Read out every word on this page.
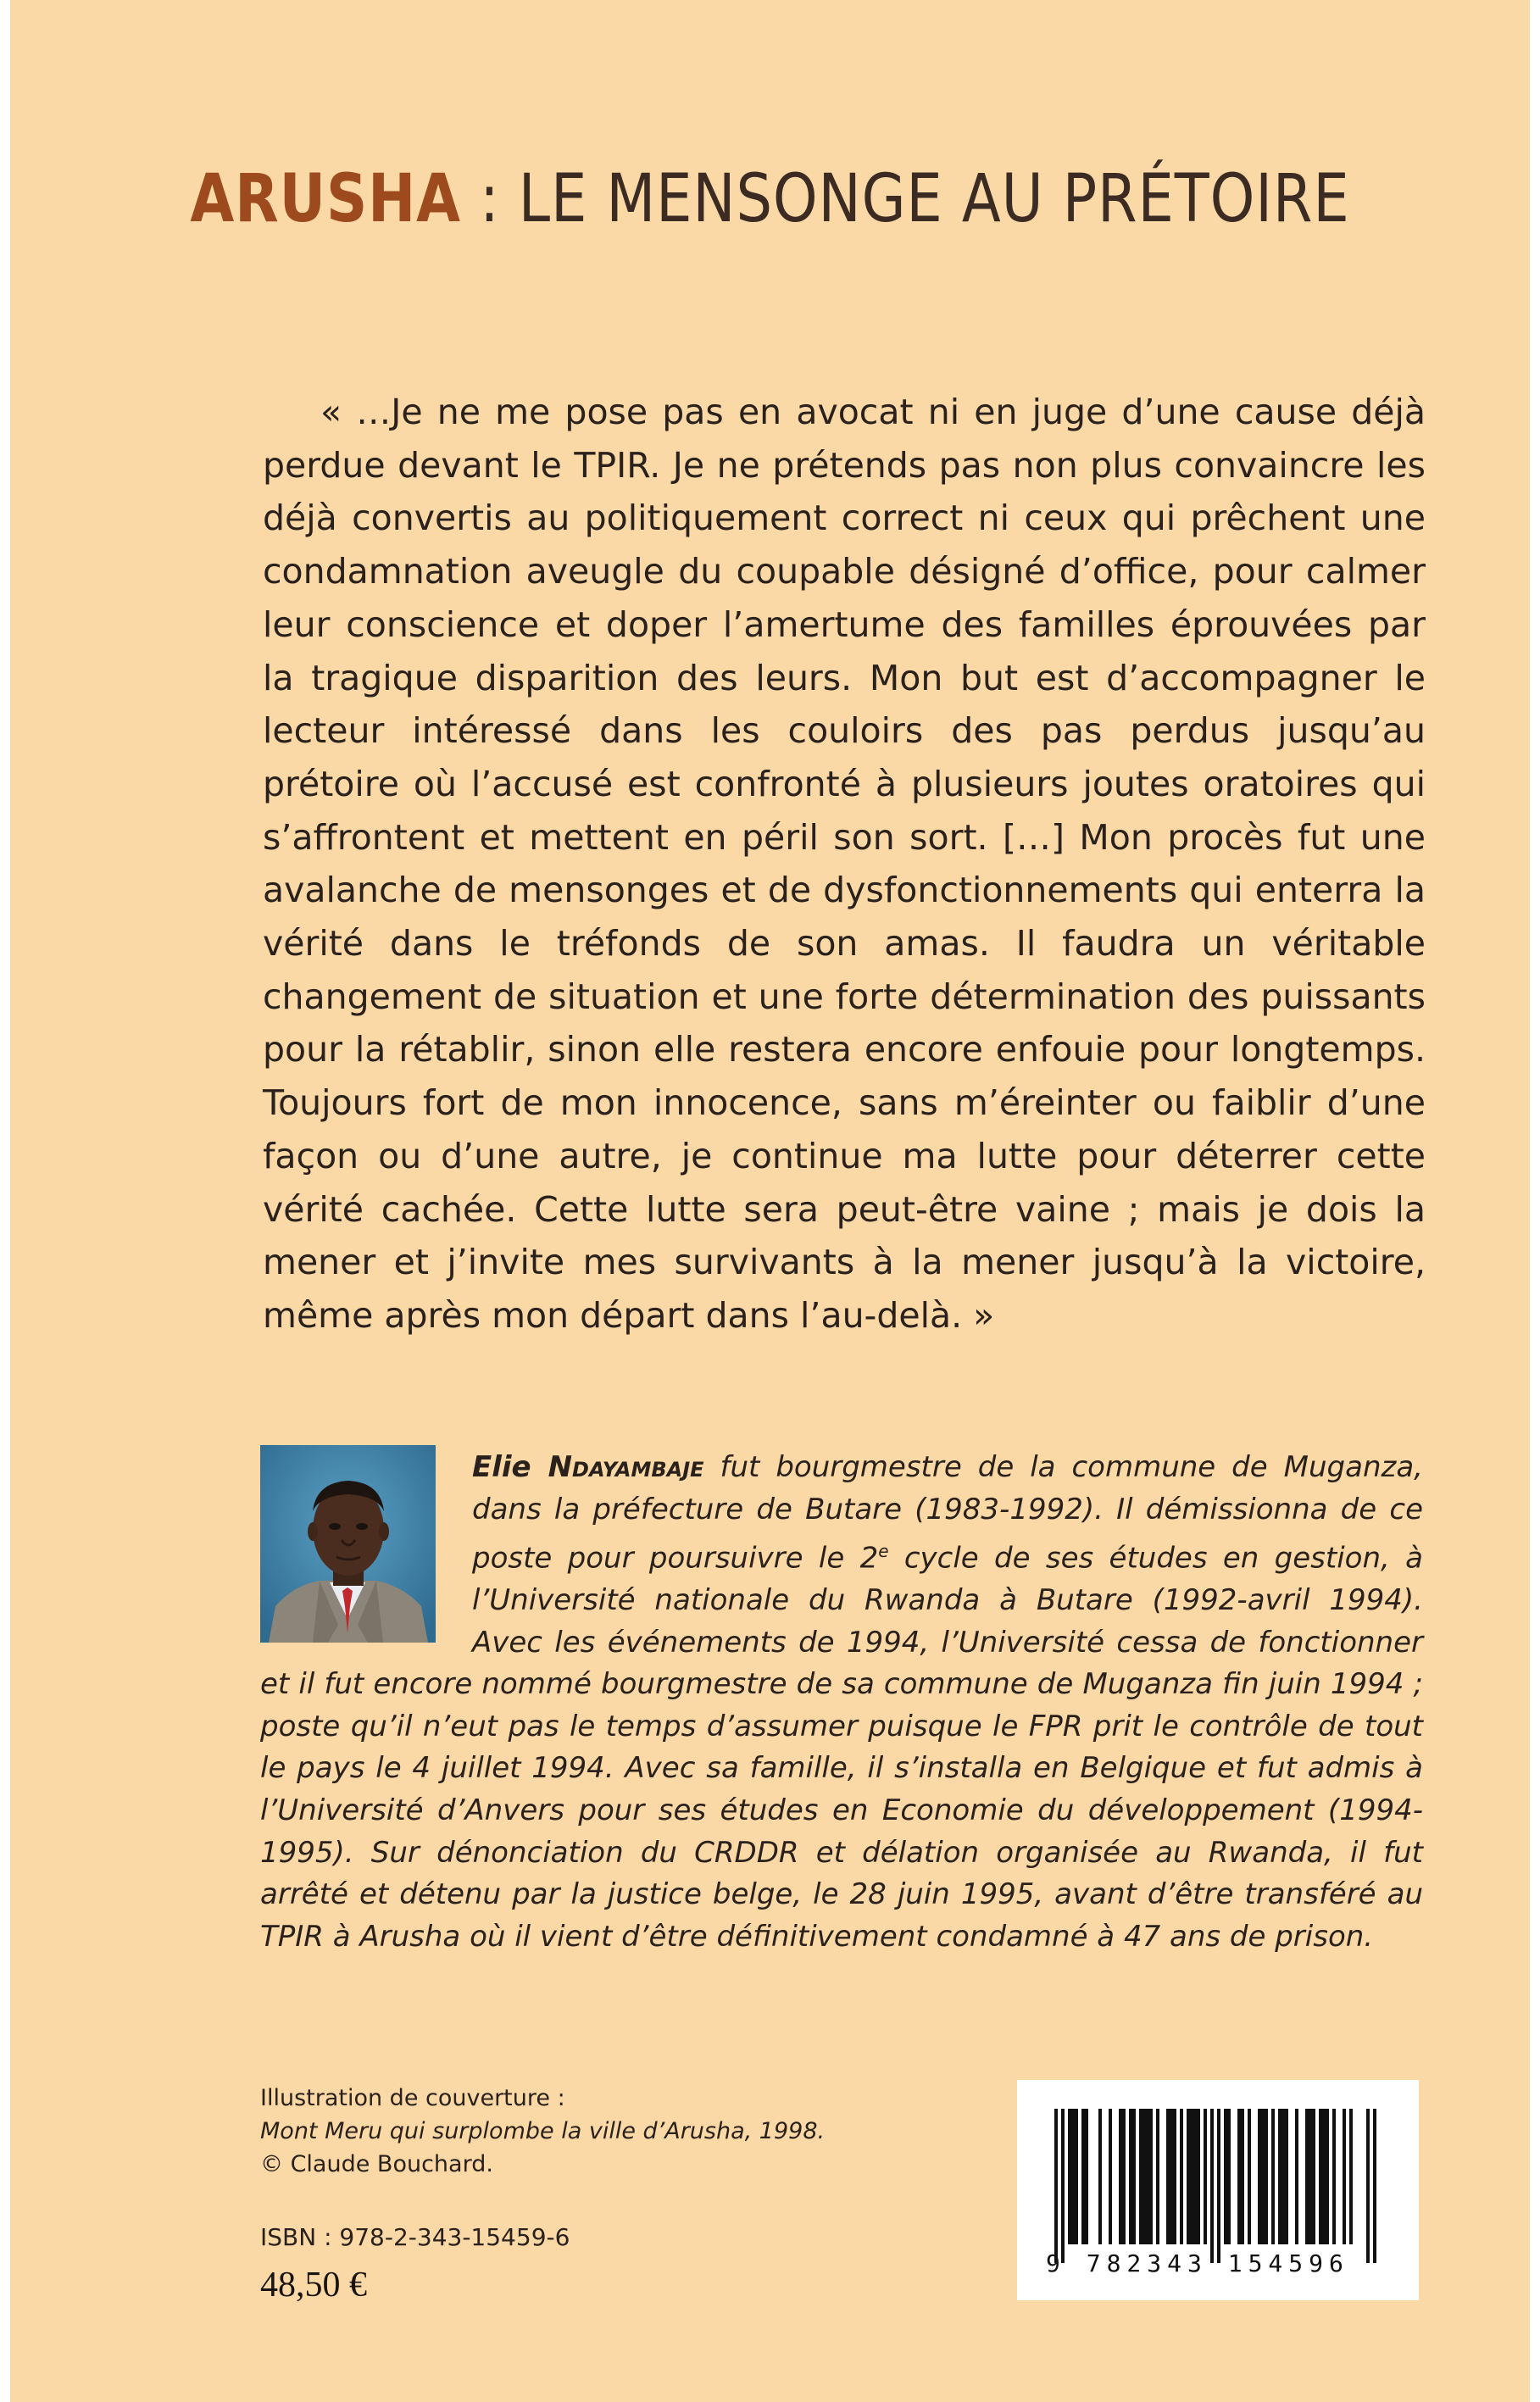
ARUSHA : LE MENSONGE AU PRÉTOIRE

« …Je ne me pose pas en avocat ni en juge d’une cause déjà perdue devant le TPIR. Je ne prétends pas non plus convaincre les déjà convertis au politiquement correct ni ceux qui prêchent une condamnation aveugle du coupable désigné d’office, pour calmer leur conscience et doper l’amertume des familles éprouvées par la tragique disparition des leurs. Mon but est d’accompagner le lecteur intéressé dans les couloirs des pas perdus jusqu’au prétoire où l’accusé est confronté à plusieurs joutes oratoires qui s’affrontent et mettent en péril son sort. […] Mon procès fut une avalanche de mensonges et de dysfonctionnements qui enterra la vérité dans le tréfonds de son amas. Il faudra un véritable changement de situation et une forte détermination des puissants pour la rétablir, sinon elle restera encore enfouie pour longtemps. Toujours fort de mon innocence, sans m’éreinter ou faiblir d’une façon ou d’une autre, je continue ma lutte pour déterrer cette vérité cachée. Cette lutte sera peut-être vaine ; mais je dois la mener et j’invite mes survivants à la mener jusqu’à la victoire, même après mon départ dans l’au-delà. »

Elie Ndayambaje fut bourgmestre de la commune de Muganza, dans la préfecture de Butare (1983-1992). Il démissionna de ce poste pour poursuivre le 2e cycle de ses études en gestion, à l’Université nationale du Rwanda à Butare (1992-avril 1994). Avec les événements de 1994, l’Université cessa de fonctionner et il fut encore nommé bourgmestre de sa commune de Muganza fin juin 1994 ; poste qu’il n’eut pas le temps d’assumer puisque le FPR prit le contrôle de tout le pays le 4 juillet 1994. Avec sa famille, il s’installa en Belgique et fut admis à l’Université d’Anvers pour ses études en Economie du développement (1994-1995). Sur dénonciation du CRDDR et délation organisée au Rwanda, il fut arrêté et détenu par la justice belge, le 28 juin 1995, avant d’être transféré au TPIR à Arusha où il vient d’être définitivement condamné à 47 ans de prison.

Illustration de couverture :
Mont Meru qui surplombe la ville d’Arusha, 1998.
© Claude Bouchard.
ISBN : 978-2-343-15459-6
48,50 €
9 782343 154596
